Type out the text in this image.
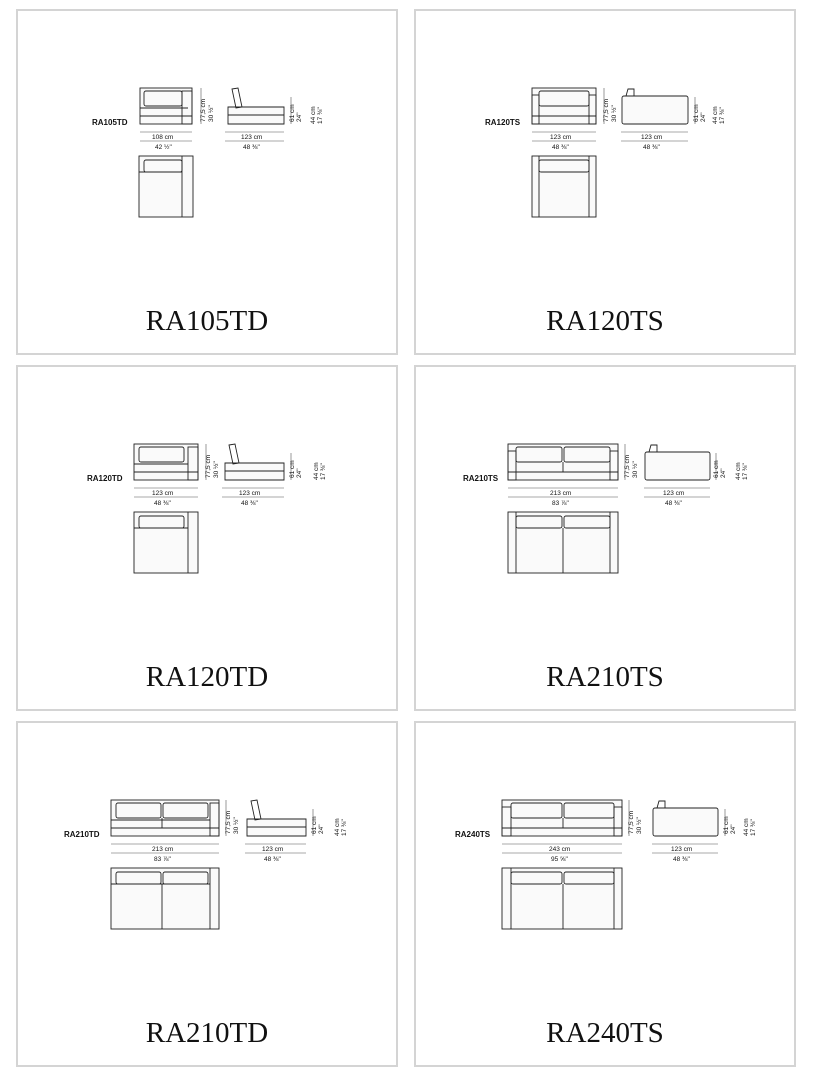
RA105TD
77,5 cm 30 ½"
108 cm
42 ½"
61 cm 24" 44 cm 17 ⅜"
123 cm
48 ⅜"
RA105TD
RA120TS
77,5 cm 30 ½"
123 cm
48 ⅜"
61 cm 24" 44 cm 17 ⅜"
123 cm
48 ⅜"
RA120TS
RA120TD
77,5 cm 30 ½"
123 cm
48 ⅜"
61 cm 24" 44 cm 17 ⅜"
123 cm
48 ⅜"
RA120TD
RA210TS
77,5 cm 30 ½"
213 cm
83 ⅞"
61 cm 24" 44 cm 17 ⅜"
123 cm
48 ⅜"
RA210TS
RA210TD
77,5 cm 30 ½"
213 cm
83 ⅞"
61 cm 24" 44 cm 17 ⅜"
123 cm
48 ⅜"
RA210TD
RA240TS
77,5 cm 30 ½"
243 cm
95 ⅝"
61 cm 24" 44 cm 17 ⅜"
123 cm
48 ⅜"
RA240TS
